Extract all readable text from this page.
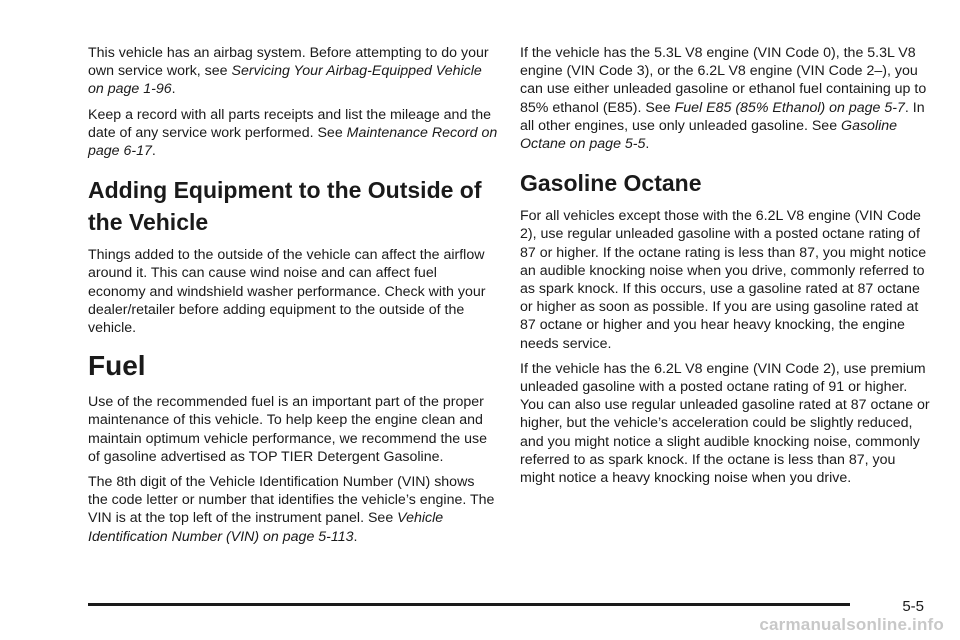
This vehicle has an airbag system. Before attempting to do your own service work, see Servicing Your Airbag-Equipped Vehicle on page 1-96.

Keep a record with all parts receipts and list the mileage and the date of any service work performed. See Maintenance Record on page 6-17.

Adding Equipment to the Outside of the Vehicle

Things added to the outside of the vehicle can affect the airflow around it. This can cause wind noise and can affect fuel economy and windshield washer performance. Check with your dealer/retailer before adding equipment to the outside of the vehicle.

Fuel

Use of the recommended fuel is an important part of the proper maintenance of this vehicle. To help keep the engine clean and maintain optimum vehicle performance, we recommend the use of gasoline advertised as TOP TIER Detergent Gasoline.

The 8th digit of the Vehicle Identification Number (VIN) shows the code letter or number that identifies the vehicle’s engine. The VIN is at the top left of the instrument panel. See Vehicle Identification Number (VIN) on page 5-113.

If the vehicle has the 5.3L V8 engine (VIN Code 0), the 5.3L V8 engine (VIN Code 3), or the 6.2L V8 engine (VIN Code 2–), you can use either unleaded gasoline or ethanol fuel containing up to 85% ethanol (E85). See Fuel E85 (85% Ethanol) on page 5-7. In all other engines, use only unleaded gasoline. See Gasoline Octane on page 5-5.

Gasoline Octane

For all vehicles except those with the 6.2L V8 engine (VIN Code 2), use regular unleaded gasoline with a posted octane rating of 87 or higher. If the octane rating is less than 87, you might notice an audible knocking noise when you drive, commonly referred to as spark knock. If this occurs, use a gasoline rated at 87 octane or higher as soon as possible. If you are using gasoline rated at 87 octane or higher and you hear heavy knocking, the engine needs service.

If the vehicle has the 6.2L V8 engine (VIN Code 2), use premium unleaded gasoline with a posted octane rating of 91 or higher. You can also use regular unleaded gasoline rated at 87 octane or higher, but the vehicle’s acceleration could be slightly reduced, and you might notice a slight audible knocking noise, commonly referred to as spark knock. If the octane is less than 87, you might notice a heavy knocking noise when you drive.

5-5
carmanualsonline.info
